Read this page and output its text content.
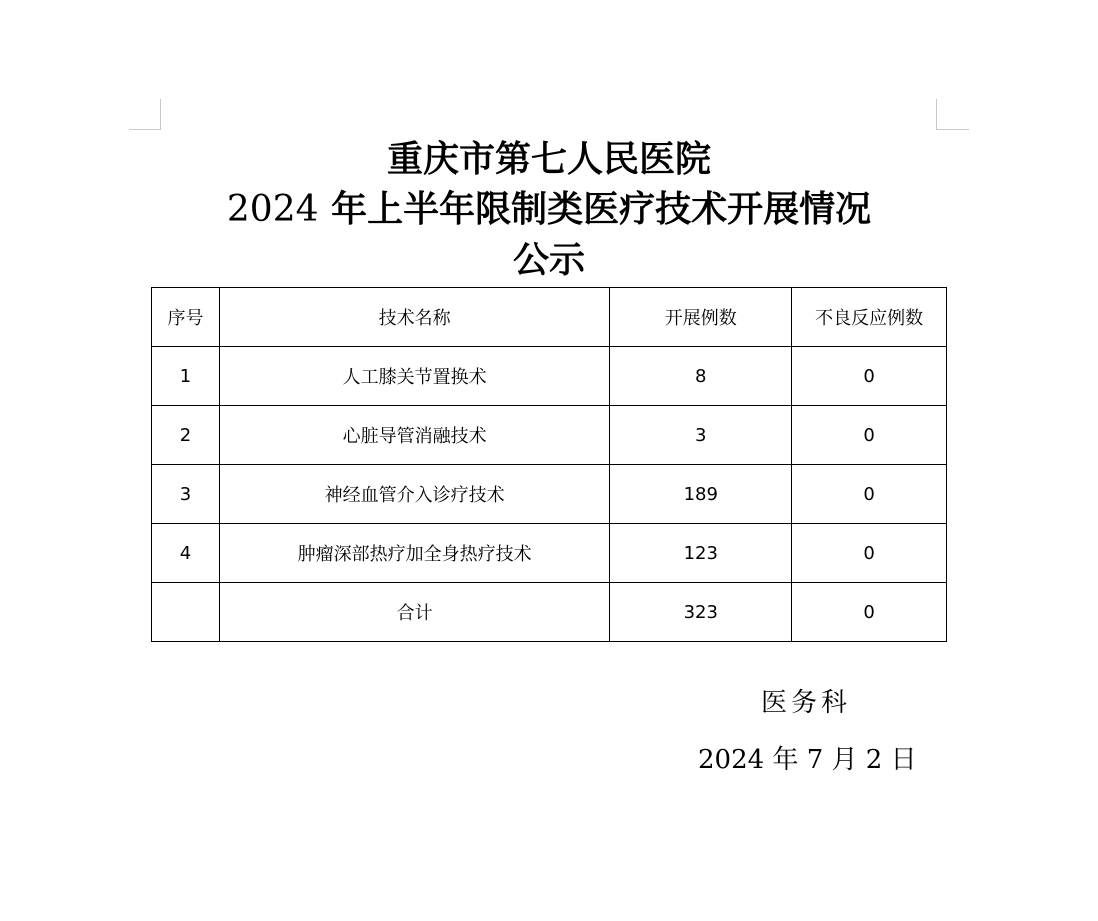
重庆市第七人民医院
2024 年上半年限制类医疗技术开展情况
公示
序号	技术名称	开展例数	不良反应例数
1	人工膝关节置换术	8	0
2	心脏导管消融技术	3	0
3	神经血管介入诊疗技术	189	0
4	肿瘤深部热疗加全身热疗技术	123	0
	合计	323	0
医务科
2024 年 7 月 2 日
